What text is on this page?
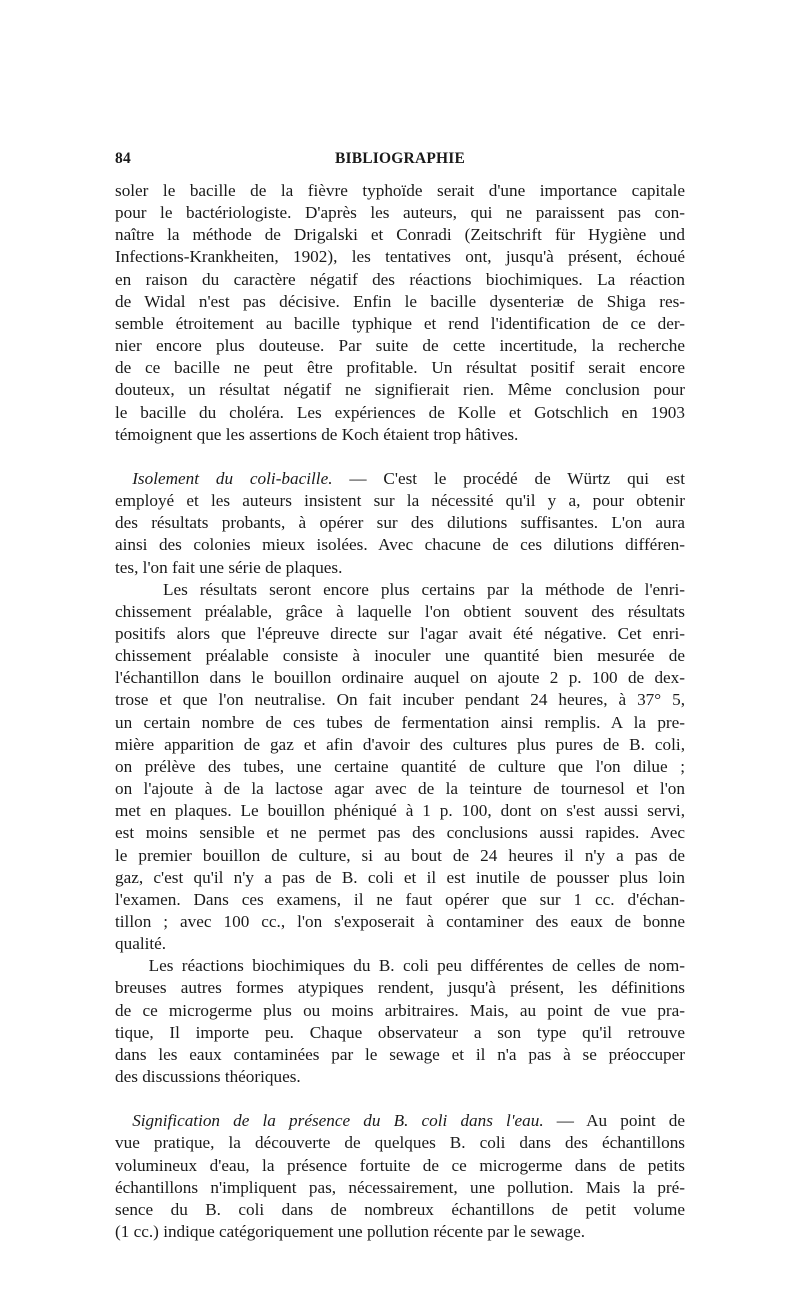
84	BIBLIOGRAPHIE
soler le bacille de la fièvre typhoïde serait d'une importance capitale
pour le bactériologiste. D'après les auteurs, qui ne paraissent pas con-
naître la méthode de Drigalski et Conradi (Zeitschrift für Hygiène und
Infections-Krankheiten, 1902), les tentatives ont, jusqu'à présent, échoué
en raison du caractère négatif des réactions biochimiques. La réaction
de Widal n'est pas décisive. Enfin le bacille dysenteriæ de Shiga res-
semble étroitement au bacille typhique et rend l'identification de ce der-
nier encore plus douteuse. Par suite de cette incertitude, la recherche
de ce bacille ne peut être profitable. Un résultat positif serait encore
douteux, un résultat négatif ne signifierait rien. Même conclusion pour
le bacille du choléra. Les expériences de Kolle et Gotschlich en 1903
témoignent que les assertions de Koch étaient trop hâtives.
 Isolement du coli-bacille. — C'est le procédé de Würtz qui est
employé et les auteurs insistent sur la nécessité qu'il y a, pour obtenir
des résultats probants, à opérer sur des dilutions suffisantes. L'on aura
ainsi des colonies mieux isolées. Avec chacune de ces dilutions différen-
tes, l'on fait une série de plaques.
Les résultats seront encore plus certains par la méthode de l'enri-
chissement préalable, grâce à laquelle l'on obtient souvent des résultats
positifs alors que l'épreuve directe sur l'agar avait été négative. Cet enri-
chissement préalable consiste à inoculer une quantité bien mesurée de
l'échantillon dans le bouillon ordinaire auquel on ajoute 2 p. 100 de dex-
trose et que l'on neutralise. On fait incuber pendant 24 heures, à 37° 5,
un certain nombre de ces tubes de fermentation ainsi remplis. A la pre-
mière apparition de gaz et afin d'avoir des cultures plus pures de B. coli,
on prélève des tubes, une certaine quantité de culture que l'on dilue ;
on l'ajoute à de la lactose agar avec de la teinture de tournesol et l'on
met en plaques. Le bouillon phéniqué à 1 p. 100, dont on s'est aussi servi,
est moins sensible et ne permet pas des conclusions aussi rapides. Avec
le premier bouillon de culture, si au bout de 24 heures il n'y a pas de
gaz, c'est qu'il n'y a pas de B. coli et il est inutile de pousser plus loin
l'examen. Dans ces examens, il ne faut opérer que sur 1 cc. d'échan-
tillon ; avec 100 cc., l'on s'exposerait à contaminer des eaux de bonne
qualité.
Les réactions biochimiques du B. coli peu différentes de celles de nom-
breuses autres formes atypiques rendent, jusqu'à présent, les définitions
de ce microgerme plus ou moins arbitraires. Mais, au point de vue pra-
tique, Il importe peu. Chaque observateur a son type qu'il retrouve
dans les eaux contaminées par le sewage et il n'a pas à se préoccuper
des discussions théoriques.
 Signification de la présence du B. coli dans l'eau. — Au point de
vue pratique, la découverte de quelques B. coli dans des échantillons
volumineux d'eau, la présence fortuite de ce microgerme dans de petits
échantillons n'impliquent pas, nécessairement, une pollution. Mais la pré-
sence du B. coli dans de nombreux échantillons de petit volume
(1 cc.) indique catégoriquement une pollution récente par le sewage.
